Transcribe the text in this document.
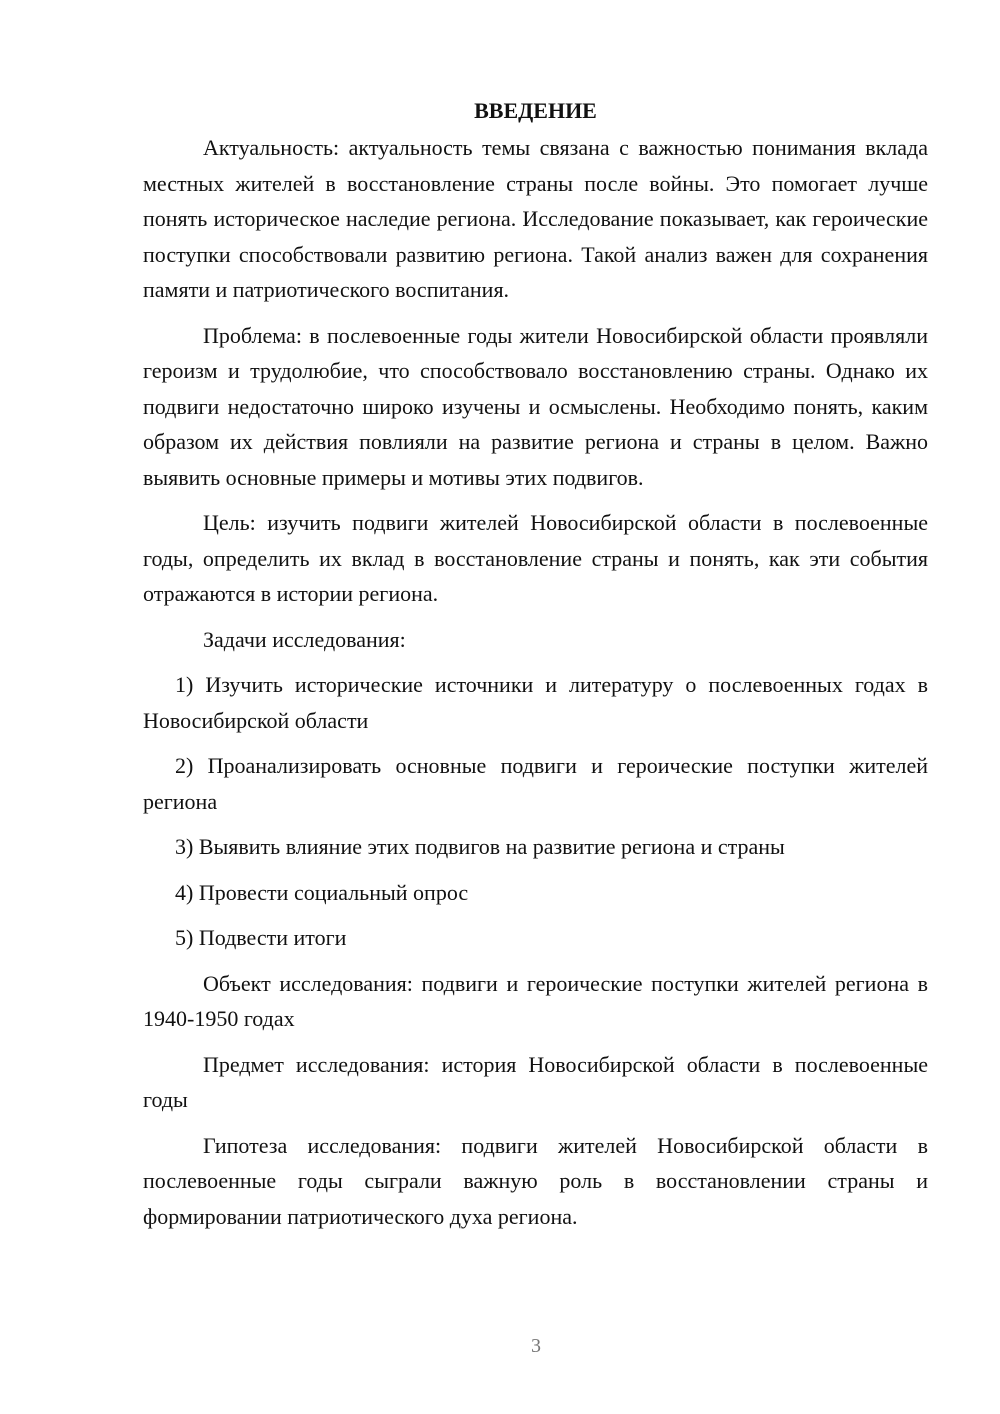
ВВЕДЕНИЕ

Актуальность: актуальность темы связана с важностью понимания вклада местных жителей в восстановление страны после войны. Это помогает лучше понять историческое наследие региона. Исследование показывает, как героические поступки способствовали развитию региона. Такой анализ важен для сохранения памяти и патриотического воспитания.

Проблема: в послевоенные годы жители Новосибирской области проявляли героизм и трудолюбие, что способствовало восстановлению страны. Однако их подвиги недостаточно широко изучены и осмыслены. Необходимо понять, каким образом их действия повлияли на развитие региона и страны в целом. Важно выявить основные примеры и мотивы этих подвигов.

Цель: изучить подвиги жителей Новосибирской области в послевоенные годы, определить их вклад в восстановление страны и понять, как эти события отражаются в истории региона.

Задачи исследования:

1) Изучить исторические источники и литературу о послевоенных годах в Новосибирской области

2) Проанализировать основные подвиги и героические поступки жителей региона

3) Выявить влияние этих подвигов на развитие региона и страны

4) Провести социальный опрос

5) Подвести итоги

Объект исследования: подвиги и героические поступки жителей региона в 1940-1950 годах

Предмет исследования: история Новосибирской области в послевоенные годы

Гипотеза исследования: подвиги жителей Новосибирской области в послевоенные годы сыграли важную роль в восстановлении страны и формировании патриотического духа региона.

3
